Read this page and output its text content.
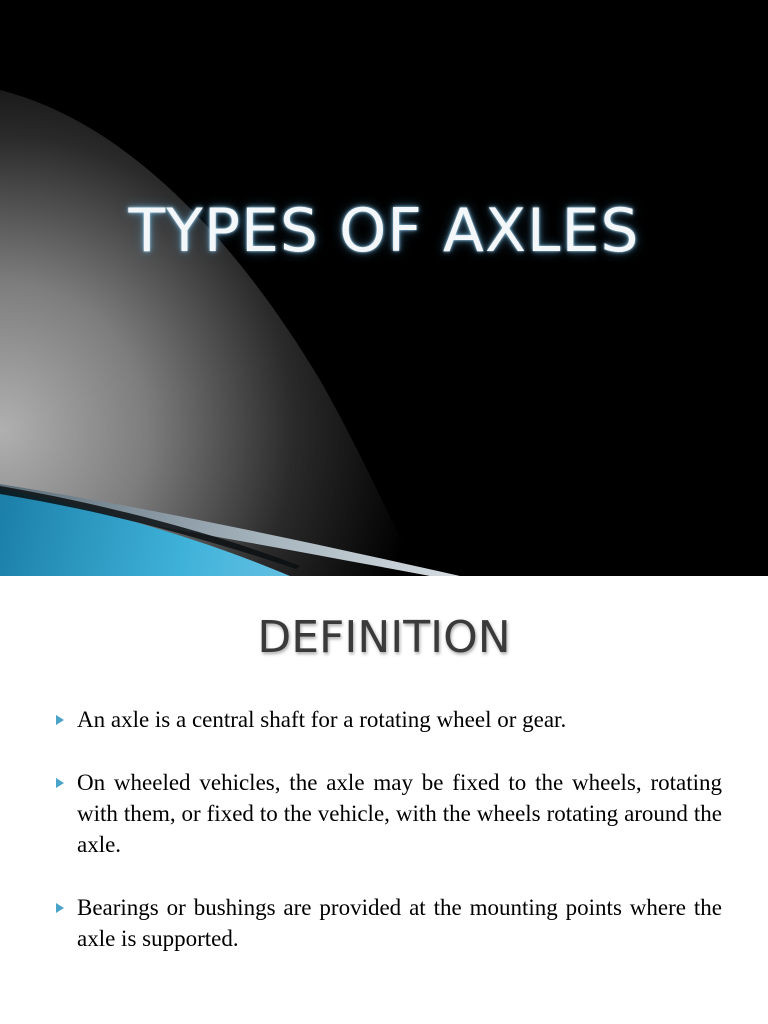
TYPES OF AXLES
DEFINITION
An axle is a central shaft for a rotating wheel or gear.
On wheeled vehicles, the axle may be fixed to the wheels, rotating with them, or fixed to the vehicle, with the wheels rotating around the axle.
Bearings or bushings are provided at the mounting points where the axle is supported.
